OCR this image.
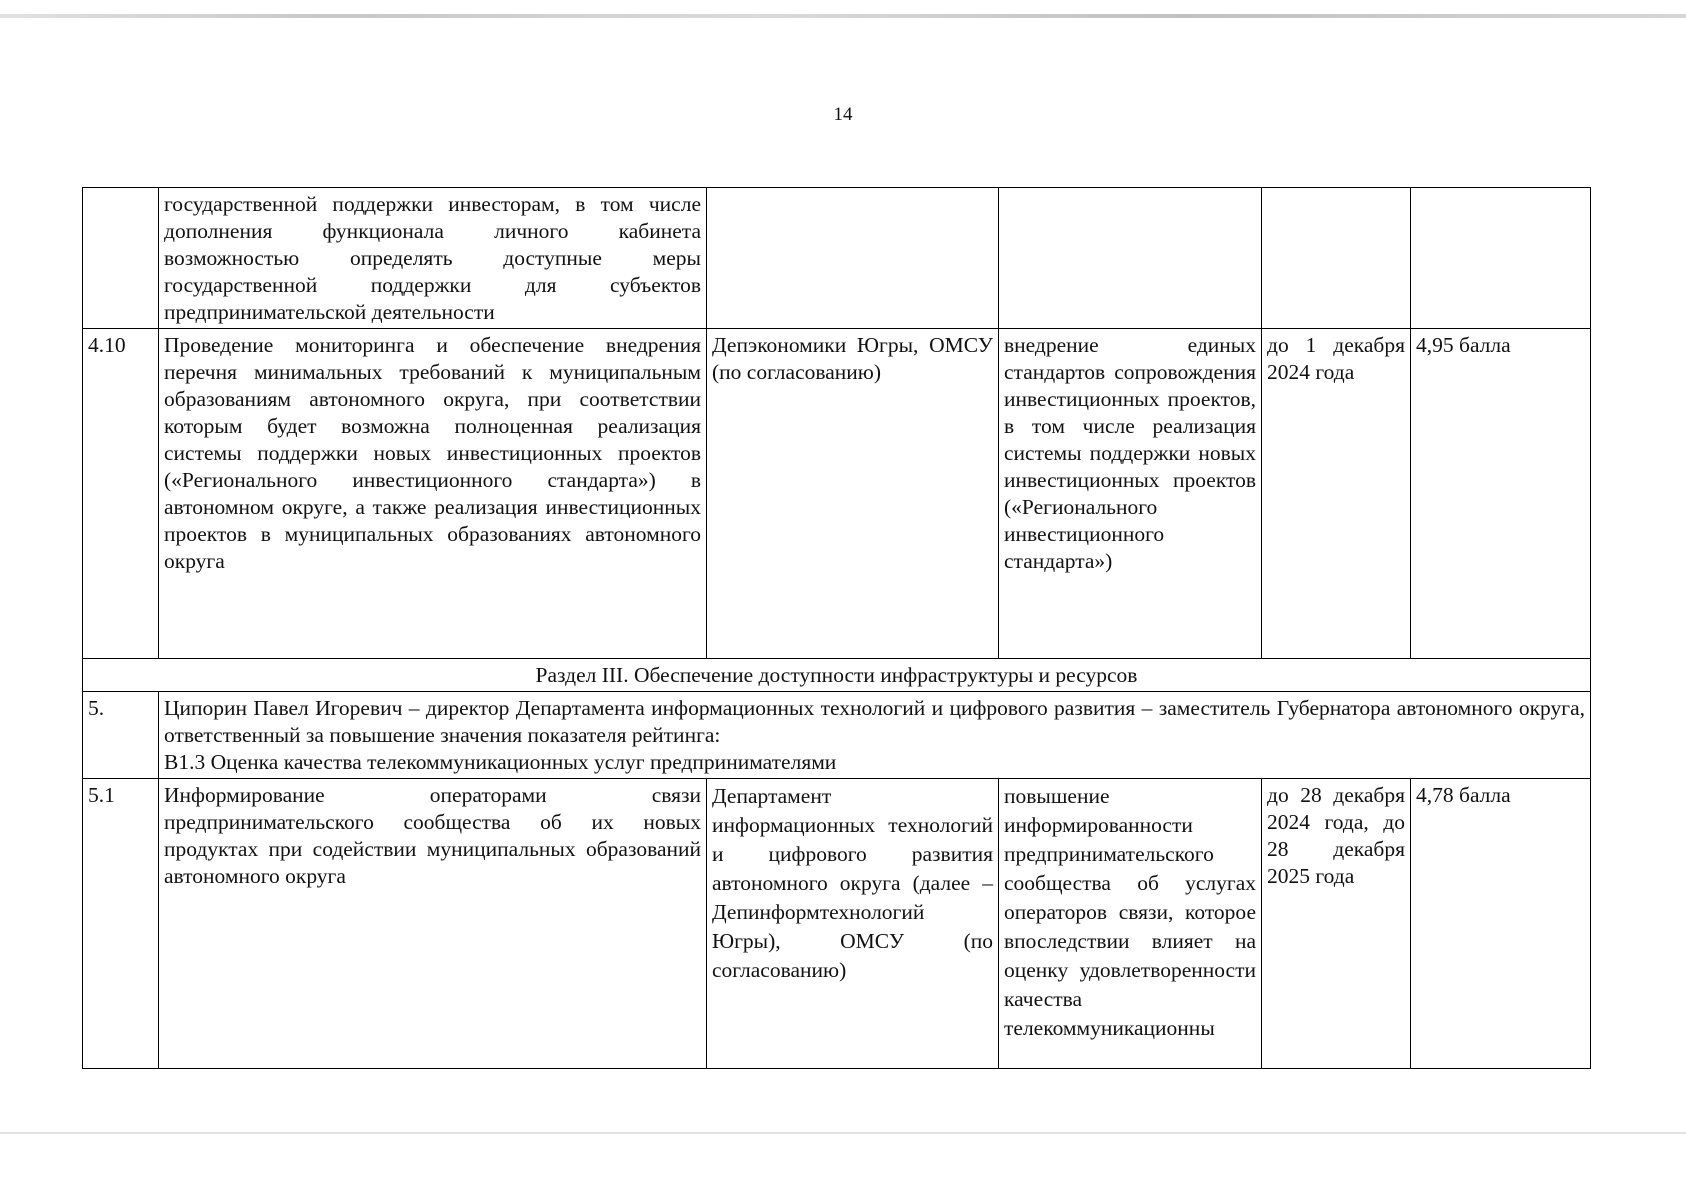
14
	государственной поддержки инвесторам, в том числе дополнения функционала личного кабинета возможностью определять доступные меры государственной поддержки для субъектов предпринимательской деятельности				
4.10	Проведение мониторинга и обеспечение внедрения перечня минимальных требований к муниципальным образованиям автономного округа, при соответствии которым будет возможна полноценная реализация системы поддержки новых инвестиционных проектов («Регионального инвестиционного стандарта») в автономном округе, а также реализация инвестиционных проектов в муниципальных образованиях автономного округа	Депэкономики Югры, ОМСУ (по согласованию)	внедрение единых стандартов сопровождения инвестиционных проектов, в том числе реализация системы поддержки новых инвестиционных проектов («Регионального инвестиционного стандарта»)	до 1 декабря 2024 года	4,95 балла
Раздел III. Обеспечение доступности инфраструктуры и ресурсов					
5.	Ципорин Павел Игоревич – директор Департамента информационных технологий и цифрового развития – заместитель Губернатора автономного округа, ответственный за повышение значения показателя рейтинга:
В1.3 Оценка качества телекоммуникационных услуг предпринимателями				

5.1	Информирование операторами связи предпринимательского сообщества об их новых продуктах при содействии муниципальных образований автономного округа	Департамент информационных технологий и цифрового развития автономного округа (далее – Депинформтехнологий Югры), ОМСУ (по согласованию)	повышение информированности предпринимательского сообщества об услугах операторов связи, которое впоследствии влияет на оценку удовлетворенности качества телекоммуникационны	до 28 декабря 2024 года, до 28 декабря 2025 года	4,78 балла
